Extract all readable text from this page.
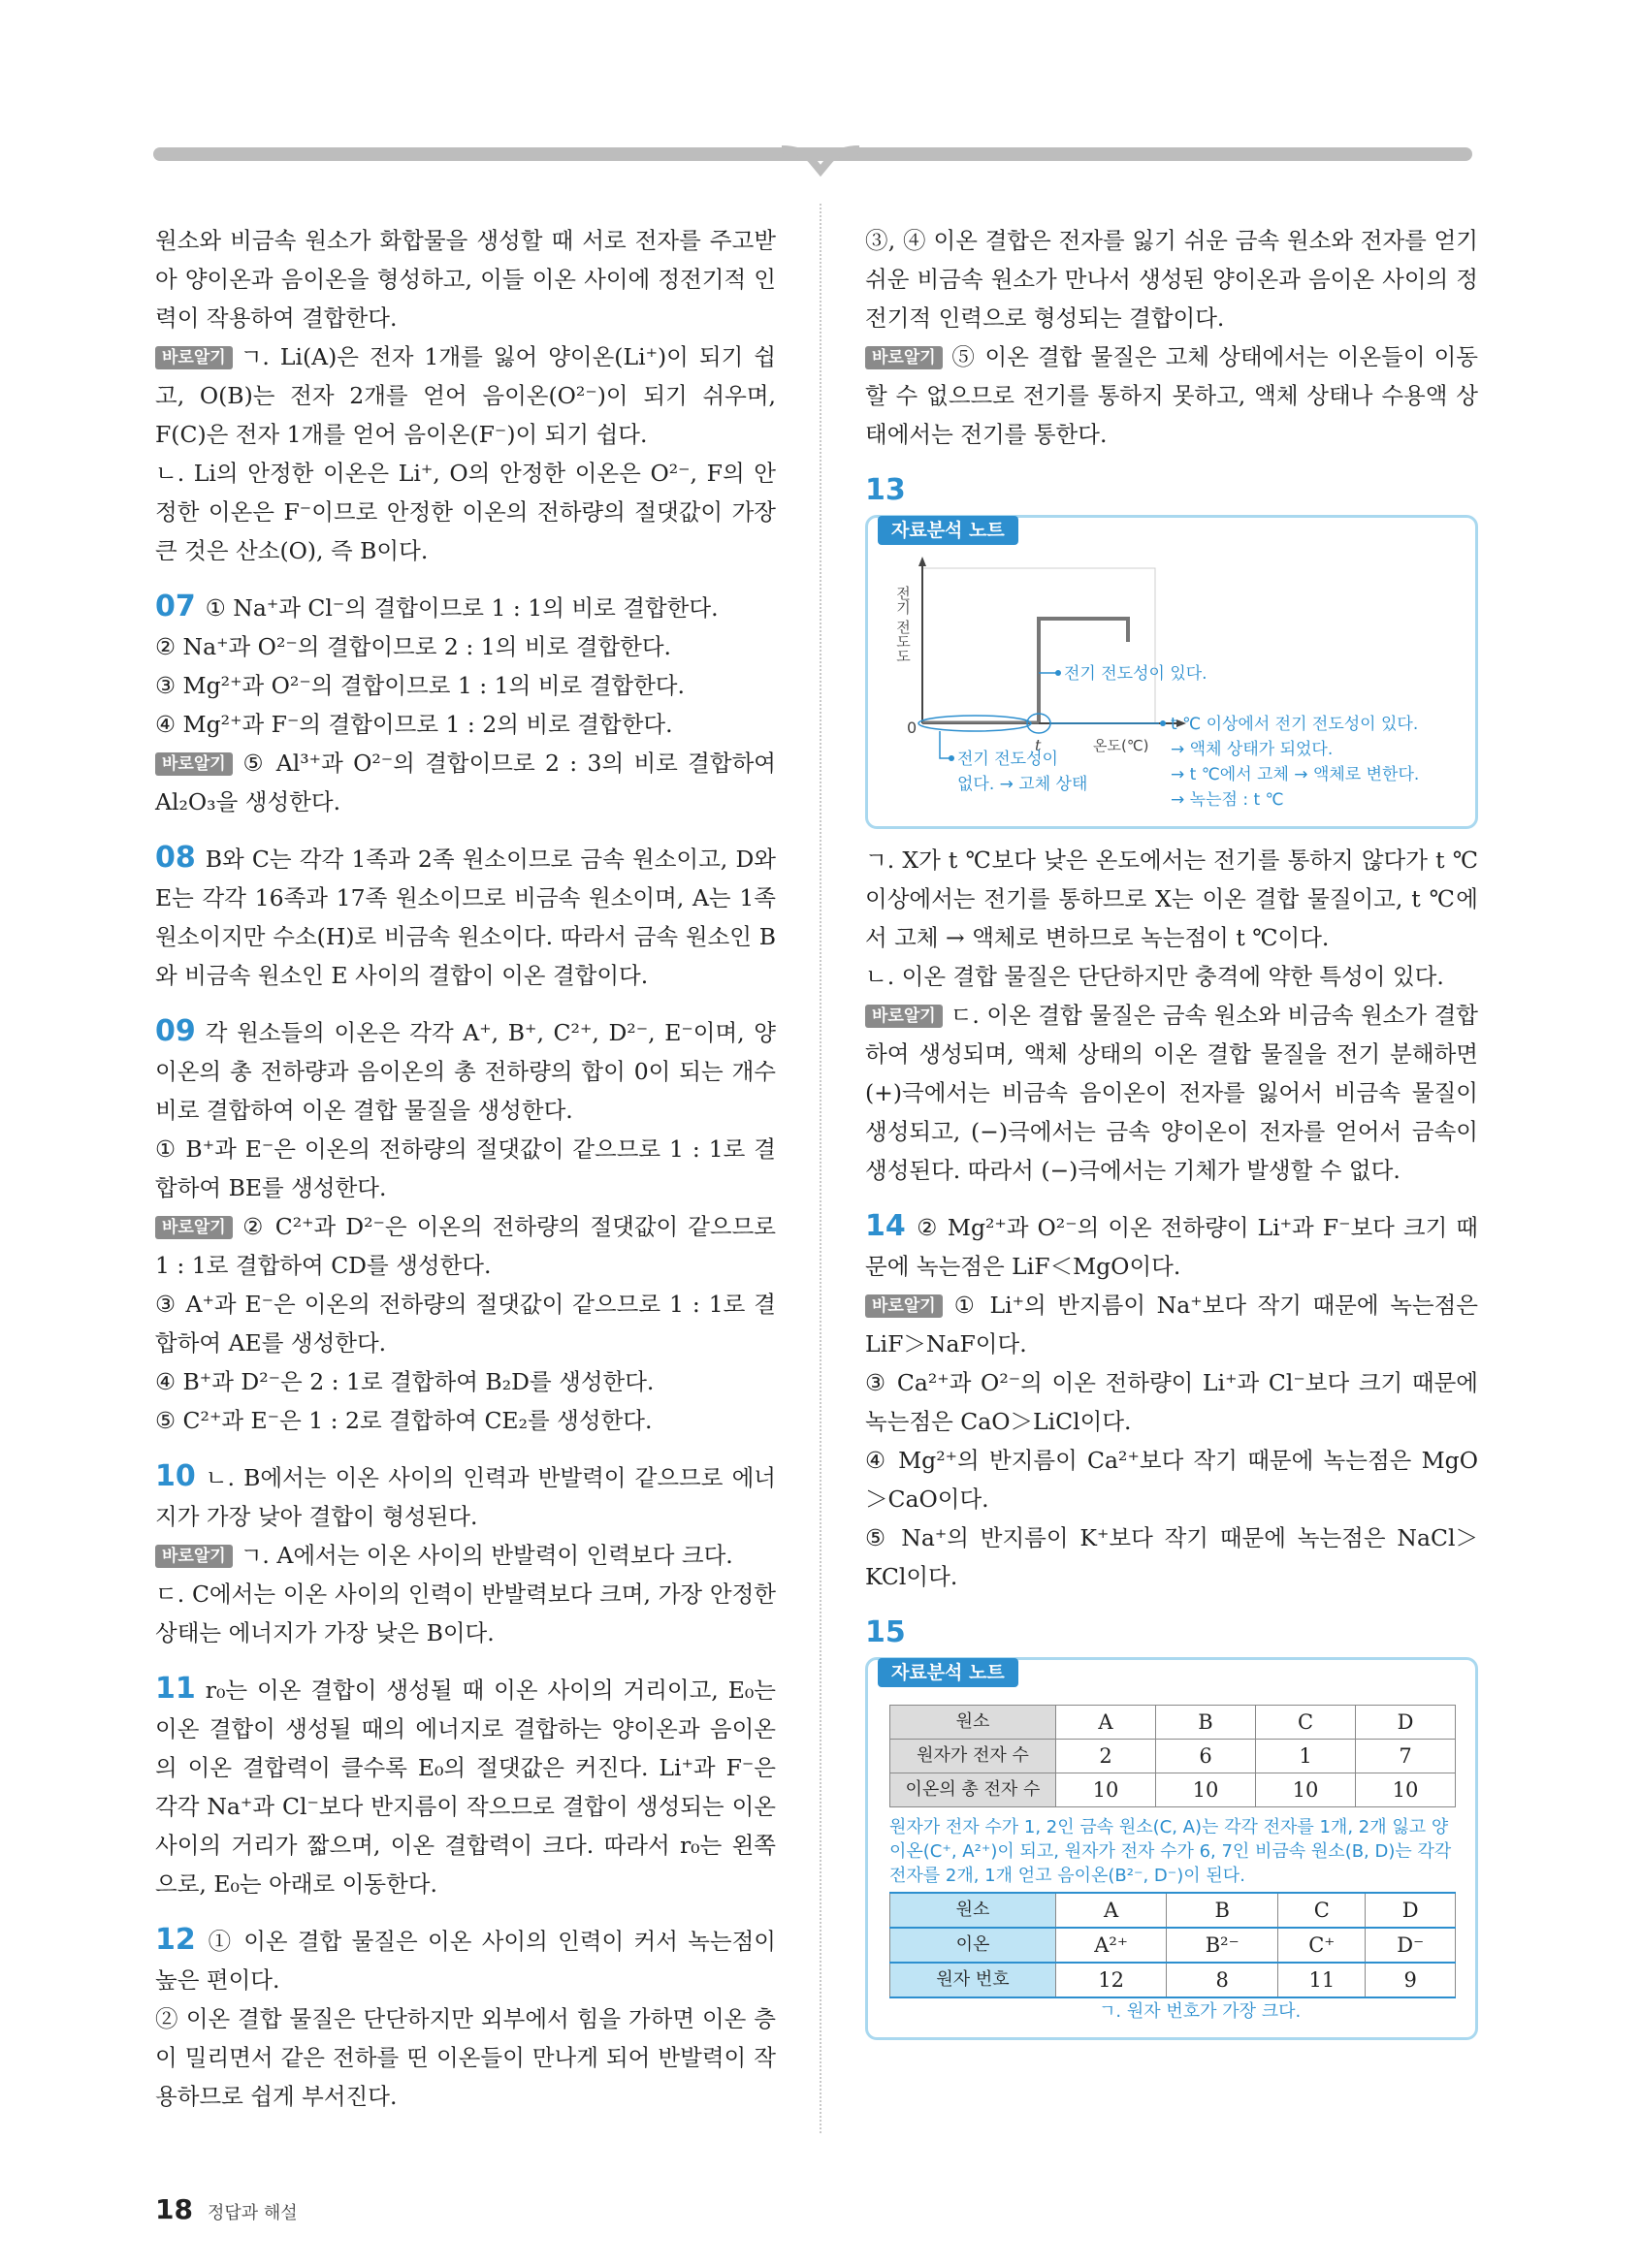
원소와 비금속 원소가 화합물을 생성할 때 서로 전자를 주고받아 양이온과 음이온을 형성하고, 이들 이온 사이에 정전기적 인력이 작용하여 결합한다.

바로알기 ㄱ. Li(A)은 전자 1개를 잃어 양이온(Li⁺)이 되기 쉽고, O(B)는 전자 2개를 얻어 음이온(O²⁻)이 되기 쉬우며, F(C)은 전자 1개를 얻어 음이온(F⁻)이 되기 쉽다.

ㄴ. Li의 안정한 이온은 Li⁺, O의 안정한 이온은 O²⁻, F의 안정한 이온은 F⁻이므로 안정한 이온의 전하량의 절댓값이 가장 큰 것은 산소(O), 즉 B이다.

07 ① Na⁺과 Cl⁻의 결합이므로 1 : 1의 비로 결합한다.

② Na⁺과 O²⁻의 결합이므로 2 : 1의 비로 결합한다.

③ Mg²⁺과 O²⁻의 결합이므로 1 : 1의 비로 결합한다.

④ Mg²⁺과 F⁻의 결합이므로 1 : 2의 비로 결합한다.

바로알기 ⑤ Al³⁺과 O²⁻의 결합이므로 2 : 3의 비로 결합하여 Al₂O₃을 생성한다.

08 B와 C는 각각 1족과 2족 원소이므로 금속 원소이고, D와 E는 각각 16족과 17족 원소이므로 비금속 원소이며, A는 1족 원소이지만 수소(H)로 비금속 원소이다. 따라서 금속 원소인 B와 비금속 원소인 E 사이의 결합이 이온 결합이다.

09 각 원소들의 이온은 각각 A⁺, B⁺, C²⁺, D²⁻, E⁻이며, 양이온의 총 전하량과 음이온의 총 전하량의 합이 0이 되는 개수비로 결합하여 이온 결합 물질을 생성한다.

① B⁺과 E⁻은 이온의 전하량의 절댓값이 같으므로 1 : 1로 결합하여 BE를 생성한다.

바로알기 ② C²⁺과 D²⁻은 이온의 전하량의 절댓값이 같으므로 1 : 1로 결합하여 CD를 생성한다.

③ A⁺과 E⁻은 이온의 전하량의 절댓값이 같으므로 1 : 1로 결합하여 AE를 생성한다.

④ B⁺과 D²⁻은 2 : 1로 결합하여 B₂D를 생성한다.

⑤ C²⁺과 E⁻은 1 : 2로 결합하여 CE₂를 생성한다.

10 ㄴ. B에서는 이온 사이의 인력과 반발력이 같으므로 에너지가 가장 낮아 결합이 형성된다.

바로알기 ㄱ. A에서는 이온 사이의 반발력이 인력보다 크다.

ㄷ. C에서는 이온 사이의 인력이 반발력보다 크며, 가장 안정한 상태는 에너지가 가장 낮은 B이다.

11 r₀는 이온 결합이 생성될 때 이온 사이의 거리이고, E₀는 이온 결합이 생성될 때의 에너지로 결합하는 양이온과 음이온의 이온 결합력이 클수록 E₀의 절댓값은 커진다. Li⁺과 F⁻은 각각 Na⁺과 Cl⁻보다 반지름이 작으므로 결합이 생성되는 이온 사이의 거리가 짧으며, 이온 결합력이 크다. 따라서 r₀는 왼쪽으로, E₀는 아래로 이동한다.

12 ① 이온 결합 물질은 이온 사이의 인력이 커서 녹는점이 높은 편이다.

② 이온 결합 물질은 단단하지만 외부에서 힘을 가하면 이온 층이 밀리면서 같은 전하를 띤 이온들이 만나게 되어 반발력이 작용하므로 쉽게 부서진다.

③, ④ 이온 결합은 전자를 잃기 쉬운 금속 원소와 전자를 얻기 쉬운 비금속 원소가 만나서 생성된 양이온과 음이온 사이의 정전기적 인력으로 형성되는 결합이다.

바로알기 ⑤ 이온 결합 물질은 고체 상태에서는 이온들이 이동할 수 없으므로 전기를 통하지 못하고, 액체 상태나 수용액 상태에서는 전기를 통한다.

13
자료분석 노트
전기 전도도
0
t	온도(℃)
전기 전도성이 있다.
t ℃ 이상에서 전기 전도성이 있다.
→ 액체 상태가 되었다.
→ t ℃에서 고체 → 액체로 변한다.
→ 녹는점 : t ℃
전기 전도성이
없다. → 고체 상태

ㄱ. X가 t ℃보다 낮은 온도에서는 전기를 통하지 않다가 t ℃ 이상에서는 전기를 통하므로 X는 이온 결합 물질이고, t ℃에서 고체 → 액체로 변하므로 녹는점이 t ℃이다.

ㄴ. 이온 결합 물질은 단단하지만 충격에 약한 특성이 있다.

바로알기 ㄷ. 이온 결합 물질은 금속 원소와 비금속 원소가 결합하여 생성되며, 액체 상태의 이온 결합 물질을 전기 분해하면 (+)극에서는 비금속 음이온이 전자를 잃어서 비금속 물질이 생성되고, (−)극에서는 금속 양이온이 전자를 얻어서 금속이 생성된다. 따라서 (−)극에서는 기체가 발생할 수 없다.

14 ② Mg²⁺과 O²⁻의 이온 전하량이 Li⁺과 F⁻보다 크기 때문에 녹는점은 LiF＜MgO이다.

바로알기 ① Li⁺의 반지름이 Na⁺보다 작기 때문에 녹는점은 LiF＞NaF이다.

③ Ca²⁺과 O²⁻의 이온 전하량이 Li⁺과 Cl⁻보다 크기 때문에 녹는점은 CaO＞LiCl이다.

④ Mg²⁺의 반지름이 Ca²⁺보다 작기 때문에 녹는점은 MgO＞CaO이다.

⑤ Na⁺의 반지름이 K⁺보다 작기 때문에 녹는점은 NaCl＞KCl이다.

15
자료분석 노트
원소	A	B	C	D
원자가 전자 수	2	6	1	7
이온의 총 전자 수	10	10	10	10
원자가 전자 수가 1, 2인 금속 원소(C, A)는 각각 전자를 1개, 2개 잃고 양이온(C⁺, A²⁺)이 되고, 원자가 전자 수가 6, 7인 비금속 원소(B, D)는 각각 전자를 2개, 1개 얻고 음이온(B²⁻, D⁻)이 된다.
원소	A	B	C	D
이온	A²⁺	B²⁻	C⁺	D⁻
원자 번호	12	8	11	9
ㄱ. 원자 번호가 가장 크다.
18 정답과 해설
